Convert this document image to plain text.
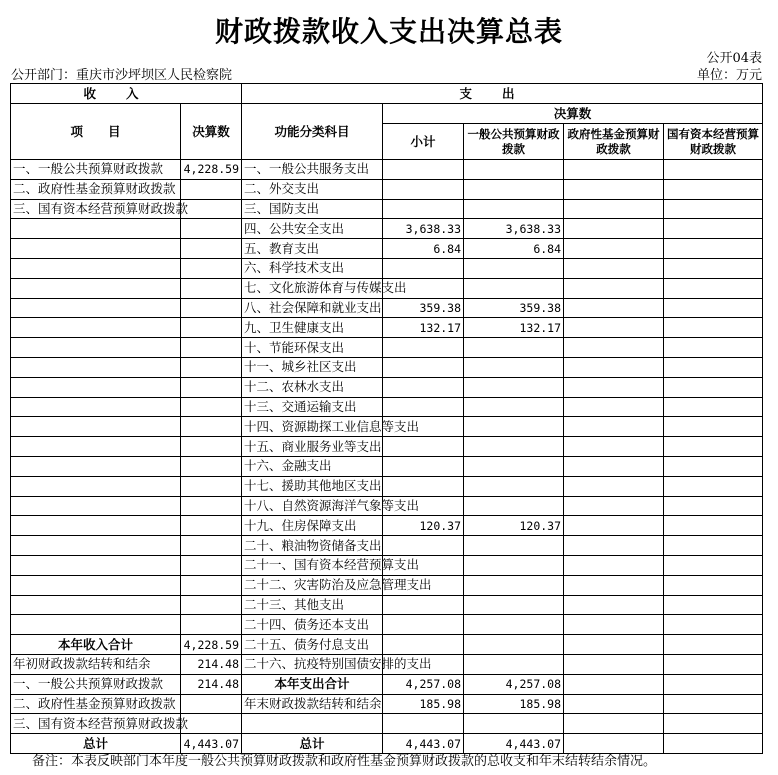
财政拨款收入支出决算总表
公开04表
公开部门：重庆市沙坪坝区人民检察院	单位：万元
收入		支出				
项　　目	决算数	功能分类科目	决算数			
			小计	一般公共预算财政拨款	政府性基金预算财政拨款	国有资本经营预算财政拨款
一、一般公共预算财政拨款	4,228.59	一、一般公共服务支出				
二、政府性基金预算财政拨款		二、外交支出				
三、国有资本经营预算财政拨款		三、国防支出				
		四、公共安全支出	3,638.33	3,638.33		
		五、教育支出	6.84	6.84		
		六、科学技术支出				
		七、文化旅游体育与传媒支出				
		八、社会保障和就业支出	359.38	359.38		
		九、卫生健康支出	132.17	132.17		
		十、节能环保支出				
		十一、城乡社区支出				
		十二、农林水支出				
		十三、交通运输支出				
		十四、资源勘探工业信息等支出				
		十五、商业服务业等支出				
		十六、金融支出				
		十七、援助其他地区支出				
		十八、自然资源海洋气象等支出				
		十九、住房保障支出	120.37	120.37		
		二十、粮油物资储备支出				
		二十一、国有资本经营预算支出				
		二十二、灾害防治及应急管理支出				
		二十三、其他支出				
		二十四、债务还本支出				
本年收入合计	4,228.59	二十五、债务付息支出				
年初财政拨款结转和结余	214.48	二十六、抗疫特别国债安排的支出				
一、一般公共预算财政拨款	214.48	本年支出合计	4,257.08	4,257.08		
二、政府性基金预算财政拨款		年末财政拨款结转和结余	185.98	185.98		
三、国有资本经营预算财政拨款						
总计	4,443.07	总计	4,443.07	4,443.07		
备注：本表反映部门本年度一般公共预算财政拨款和政府性基金预算财政拨款的总收支和年末结转结余情况。
